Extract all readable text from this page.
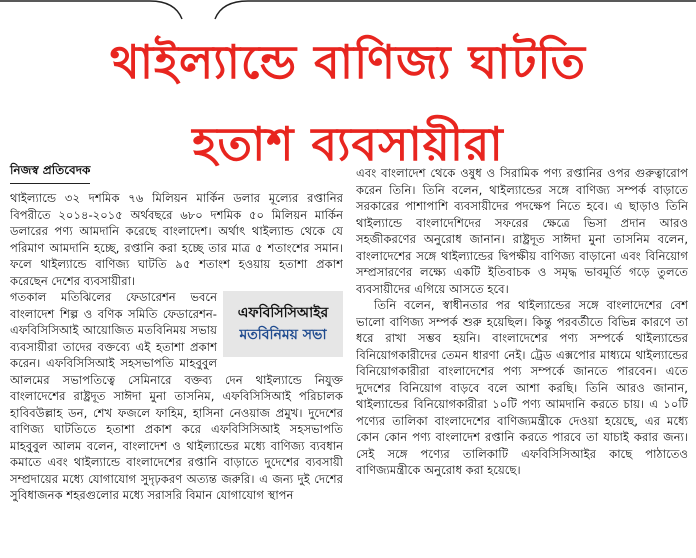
থাইল্যান্ডে বাণিজ্য ঘাটতি
হতাশ ব্যবসায়ীরা
নিজস্ব প্রতিবেদক

থাইল্যান্ডে ৩২ দশমিক ৭৬ মিলিয়ন মার্কিন ডলার মূল্যের রপ্তানির বিপরীতে ২০১৪-২০১৫ অর্থবছরে ৬৮০ দশমিক ৫০ মিলিয়ন মার্কিন ডলারের পণ্য আমদানি করেছে বাংলাদেশ। অর্থাৎ থাইল্যান্ড থেকে যে পরিমাণ আমদানি হচ্ছে, রপ্তানি করা হচ্ছে তার মাত্র ৫ শতাংশের সমান। ফলে থাইল্যান্ডে বাণিজ্য ঘাটতি ৯৫ শতাংশ হওয়ায় হতাশা প্রকাশ করেছেন দেশের ব্যবসায়ীরা।

এফবিসিসিআইর
মতবিনিময় সভা

গতকাল মতিঝিলের ফেডারেশন ভবনে বাংলাদেশ শিল্প ও বণিক সমিতি ফেডারেশন-এফবিসিসিআই আয়োজিত মতবিনিময় সভায় ব্যবসায়ীরা তাদের বক্তব্যে এই হতাশা প্রকাশ করেন। এফবিসিসিআই সহসভাপতি মাহবুবুল আলমের সভাপতিত্বে সেমিনারে বক্তব্য দেন থাইল্যান্ডে নিযুক্ত বাংলাদেশের রাষ্ট্রদূত সাঈদা মুনা তাসনিম, এফবিসিসিআই পরিচালক হাবিবউল্লাহ ডন, শেখ ফজলে ফাহিম, হাসিনা নেওয়াজ প্রমুখ। দুদেশের বাণিজ্য ঘাটতিতে হতাশা প্রকাশ করে এফবিসিসিআই সহসভাপতি মাহবুবুল আলম বলেন, বাংলাদেশ ও থাইল্যান্ডের মধ্যে বাণিজ্য ব্যবধান কমাতে এবং থাইল্যান্ডে বাংলাদেশের রপ্তানি বাড়াতে দুদেশের ব্যবসায়ী সম্প্রদায়ের মধ্যে যোগাযোগ সুদৃঢ়করণ অত্যন্ত জরুরি। এ জন্য দুই দেশের সুবিধাজনক শহরগুলোর মধ্যে সরাসরি বিমান যোগাযোগ স্থাপন

এবং বাংলাদেশ থেকে ওষুধ ও সিরামিক পণ্য রপ্তানির ওপর গুরুত্বারোপ করেন তিনি। তিনি বলেন, থাইল্যান্ডের সঙ্গে বাণিজ্য সম্পর্ক বাড়াতে সরকারের পাশাপাশি ব্যবসায়ীদের পদক্ষেপ নিতে হবে। এ ছাড়াও তিনি থাইল্যান্ডে বাংলাদেশিদের সফরের ক্ষেত্রে ভিসা প্রদান আরও সহজীকরণের অনুরোধ জানান। রাষ্ট্রদূত সাঈদা মুনা তাসনিম বলেন, বাংলাদেশের সঙ্গে থাইল্যান্ডের দ্বিপক্ষীয় বাণিজ্য বাড়ানো এবং বিনিয়োগ সম্প্রসারণের লক্ষ্যে একটি ইতিবাচক ও সমৃদ্ধ ভাবমূর্তি গড়ে তুলতে ব্যবসায়ীদের এগিয়ে আসতে হবে।

তিনি বলেন, স্বাধীনতার পর থাইল্যান্ডের সঙ্গে বাংলাদেশের বেশ ভালো বাণিজ্য সম্পর্ক শুরু হয়েছিল। কিন্তু পরবর্তীতে বিভিন্ন কারণে তা ধরে রাখা সম্ভব হয়নি। বাংলাদেশের পণ্য সম্পর্কে থাইল্যান্ডের বিনিয়োগকারীদের তেমন ধারণা নেই। ট্রেড এক্সপোর মাধ্যমে থাইল্যান্ডের বিনিয়োগকারীরা বাংলাদেশের পণ্য সম্পর্কে জানতে পারবেন। এতে দুদেশের বিনিয়োগ বাড়বে বলে আশা করছি। তিনি আরও জানান, থাইল্যান্ডের বিনিয়োগকারীরা ১০টি পণ্য আমদানি করতে চায়। এ ১০টি পণ্যের তালিকা বাংলাদেশের বাণিজ্যমন্ত্রীকে দেওয়া হয়েছে, এর মধ্যে কোন কোন পণ্য বাংলাদেশ রপ্তানি করতে পারবে তা যাচাই করার জন্য। সেই সঙ্গে পণ্যের তালিকাটি এফবিসিসিআইর কাছে পাঠাতেও বাণিজ্যমন্ত্রীকে অনুরোধ করা হয়েছে।
